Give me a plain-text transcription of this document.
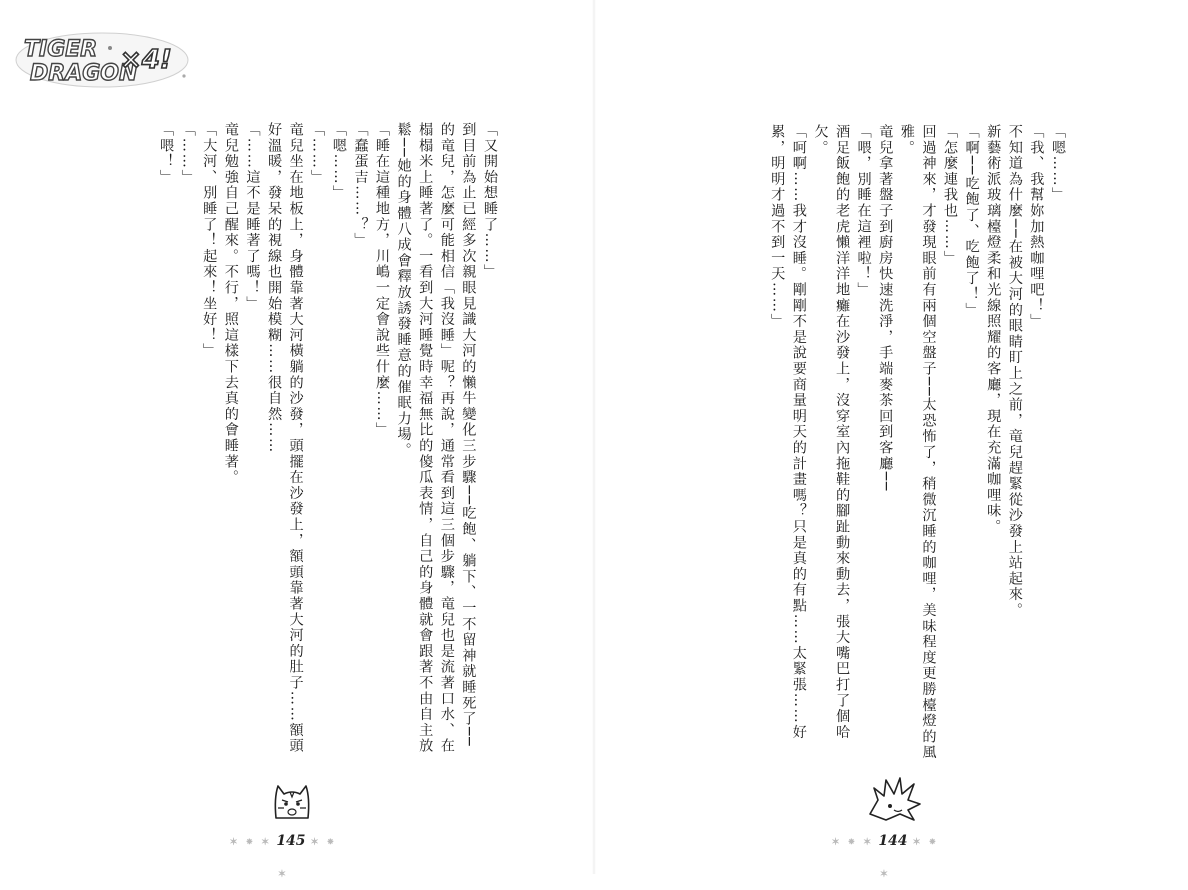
TIGER
DRAGON
×4!

「嗯……」
「我、我幫妳加熱咖哩吧！」
不知道為什麼──在被大河的眼睛盯上之前，竜兒趕緊從沙發上站起來。
新藝術派玻璃檯燈柔和光線照耀的客廳，現在充滿咖哩味。
「啊──吃飽了、吃飽了！」
「怎麼連我也……」
回過神來，才發現眼前有兩個空盤子──太恐怖了，稍微沉睡的咖哩，美味程度更勝檯燈的風雅。
竜兒拿著盤子到廚房快速洗淨，手端麥茶回到客廳──
「喂，別睡在這裡啦！」
酒足飯飽的老虎懶洋洋地癱在沙發上，沒穿室內拖鞋的腳趾動來動去，張大嘴巴打了個哈欠。
「呵啊……我才沒睡。剛剛不是說要商量明天的計畫嗎？只是真的有點……太緊張……好累，明明才過不到一天……」

✶ ⁕ ✶ 144 ✶ ⁕ ✶

「又開始想睡了……」
到目前為止已經多次親眼見識大河的懶牛變化三步驟──吃飽、躺下、一不留神就睡死了──的竜兒，怎麼可能相信「我沒睡」呢？再說，通常看到這三個步驟，竜兒也是流著口水、在榻榻米上睡著了。一看到大河睡覺時幸福無比的傻瓜表情，自己的身體就會跟著不由自主放鬆──她的身體八成會釋放誘發睡意的催眠力場。
「睡在這種地方，川嶋一定會說些什麼……」
「蠢蛋吉……？」
「嗯……」
「……」
竜兒坐在地板上，身體靠著大河橫躺的沙發，頭擺在沙發上，額頭靠著大河的肚子……額頭好溫暖，發呆的視線也開始模糊……很自然……
「……這不是睡著了嗎！」
竜兒勉強自己醒來。不行，照這樣下去真的會睡著。
「大河、別睡了！起來！坐好！」
「……」
「喂！」

✶ ⁕ ✶ 145 ✶ ⁕ ✶
